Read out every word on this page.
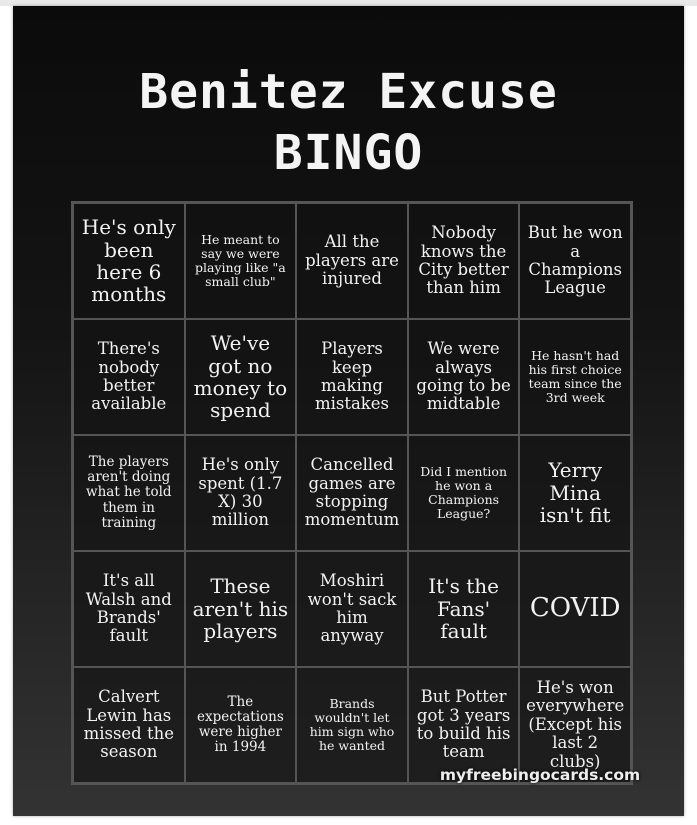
Benitez Excuse
BINGO
He's only been here 6 months
He meant to say we were playing like "a small club"
All the players are injured
Nobody knows the City better than him
But he won a Champions League
There's nobody better available
We've got no money to spend
Players keep making mistakes
We were always going to be midtable
He hasn't had his first choice team since the 3rd week
The players aren't doing what he told them in training
He's only spent (1.7 X) 30 million
Cancelled games are stopping momentum
Did I mention he won a Champions League?
Yerry Mina isn't fit
It's all Walsh and Brands' fault
These aren't his players
Moshiri won't sack him anyway
It's the Fans' fault
COVID
Calvert Lewin has missed the season
The expectations were higher in 1994
Brands wouldn't let him sign who he wanted
But Potter got 3 years to build his team
He's won everywhere (Except his last 2 clubs)
myfreebingocards.com
